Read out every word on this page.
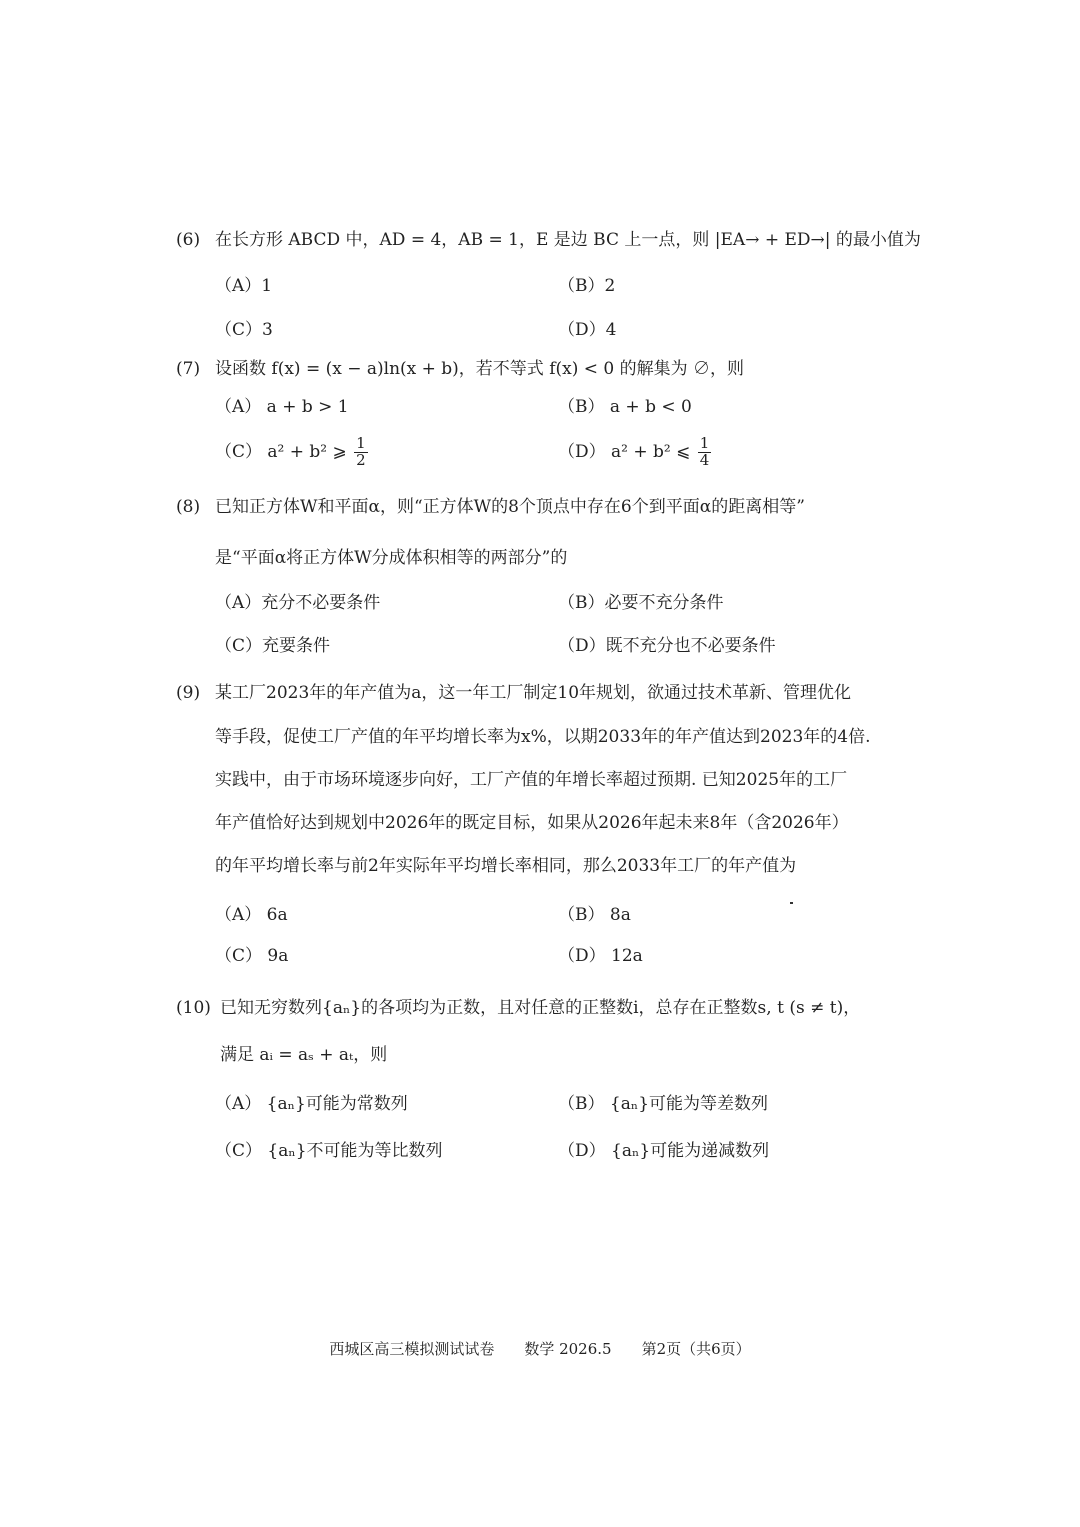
(6) 在长方形 ABCD 中，AD = 4，AB = 1，E 是边 BC 上一点，则 |EA→ + ED→| 的最小值为
（A）1	（B）2
（C）3	（D）4
(7) 设函数 f(x) = (x − a)ln(x + b)，若不等式 f(x) < 0 的解集为 ∅，则
（A） a + b > 1	（B） a + b < 0
（C） a² + b² ⩾ $\frac{1}{2}$	（D） a² + b² ⩽ $\frac{1}{4}$
(8) 已知正方体W和平面α，则“正方体W的8个顶点中存在6个到平面α的距离相等”
是“平面α将正方体W分成体积相等的两部分”的
（A）充分不必要条件	（B）必要不充分条件
（C）充要条件	（D）既不充分也不必要条件
(9) 某工厂2023年的年产值为a，这一年工厂制定10年规划，欲通过技术革新、管理优化
等手段，促使工厂产值的年平均增长率为x%，以期2033年的年产值达到2023年的4倍.
实践中，由于市场环境逐步向好，工厂产值的年增长率超过预期. 已知2025年的工厂
年产值恰好达到规划中2026年的既定目标，如果从2026年起未来8年（含2026年）
的年平均增长率与前2年实际年平均增长率相同，那么2033年工厂的年产值为
（A） 6a	（B） 8a
（C） 9a	（D） 12a
(10) 已知无穷数列{aₙ}的各项均为正数，且对任意的正整数i，总存在正整数s, t (s ≠ t)，
满足 aᵢ = aₛ + aₜ，则
（A） {aₙ}可能为常数列	（B） {aₙ}可能为等差数列
（C） {aₙ}不可能为等比数列	（D） {aₙ}可能为递减数列
西城区高三模拟测试试卷　　数学 2026.5　　第2页（共6页）
